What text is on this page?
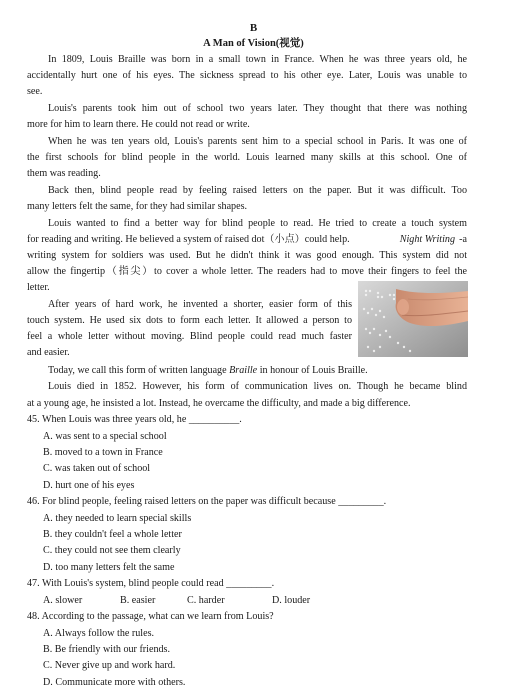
B
A Man of Vision(视觉)
In 1809, Louis Braille was born in a small town in France. When he was three years old, he
accidentally hurt one of his eyes. The sickness spread to his other eye. Later, Louis was unable to
see.
Louis's parents took him out of school two years later. They thought that there was nothing
more for him to learn there. He could not read or write.
When he was ten years old, Louis's parents sent him to a special school in Paris. It was one of
the first schools for blind people in the world. Louis learned many skills at this school. One of
them was reading.
Back then, blind people read by feeling raised letters on the paper. But it was difficult. Too
many letters felt the same, for they had similar shapes.
Louis wanted to find a better way for blind people to read. He tried to create a touch system
for reading and writing. He believed a system of raised dot（小点）could help.	Night Writing -a
writing system for soldiers was used. But he didn't think it was good enough. This system did not
allow the fingertip（指尖）to cover a whole letter. The readers had to move their fingers to feel the
letter.
After years of hard work, he invented a shorter, easier form of this
touch system. He used six dots to form each letter. It allowed a person to
feel a whole letter without moving. Blind people could read much faster
and easier.
Today, we call this form of written language Braille in honour of Louis Braille.
Louis died in 1852. However, his form of communication lives on. Though he became blind
at a young age, he insisted a lot. Instead, he overcame the difficulty, and made a big difference.
45. When Louis was three years old, he __________.
A. was sent to a special school
B. moved to a town in France
C. was taken out of school
D. hurt one of his eyes
46. For blind people, feeling raised letters on the paper was difficult because _________.
A. they needed to learn special skills
B. they couldn't feel a whole letter
C. they could not see them clearly
D. too many letters felt the same
47. With Louis's system, blind people could read _________.
A. slower	B. easier	C. harder	D. louder
48. According to the passage, what can we learn from Louis?
A. Always follow the rules.
B. Be friendly with our friends.
C. Never give up and work hard.
D. Communicate more with others.
